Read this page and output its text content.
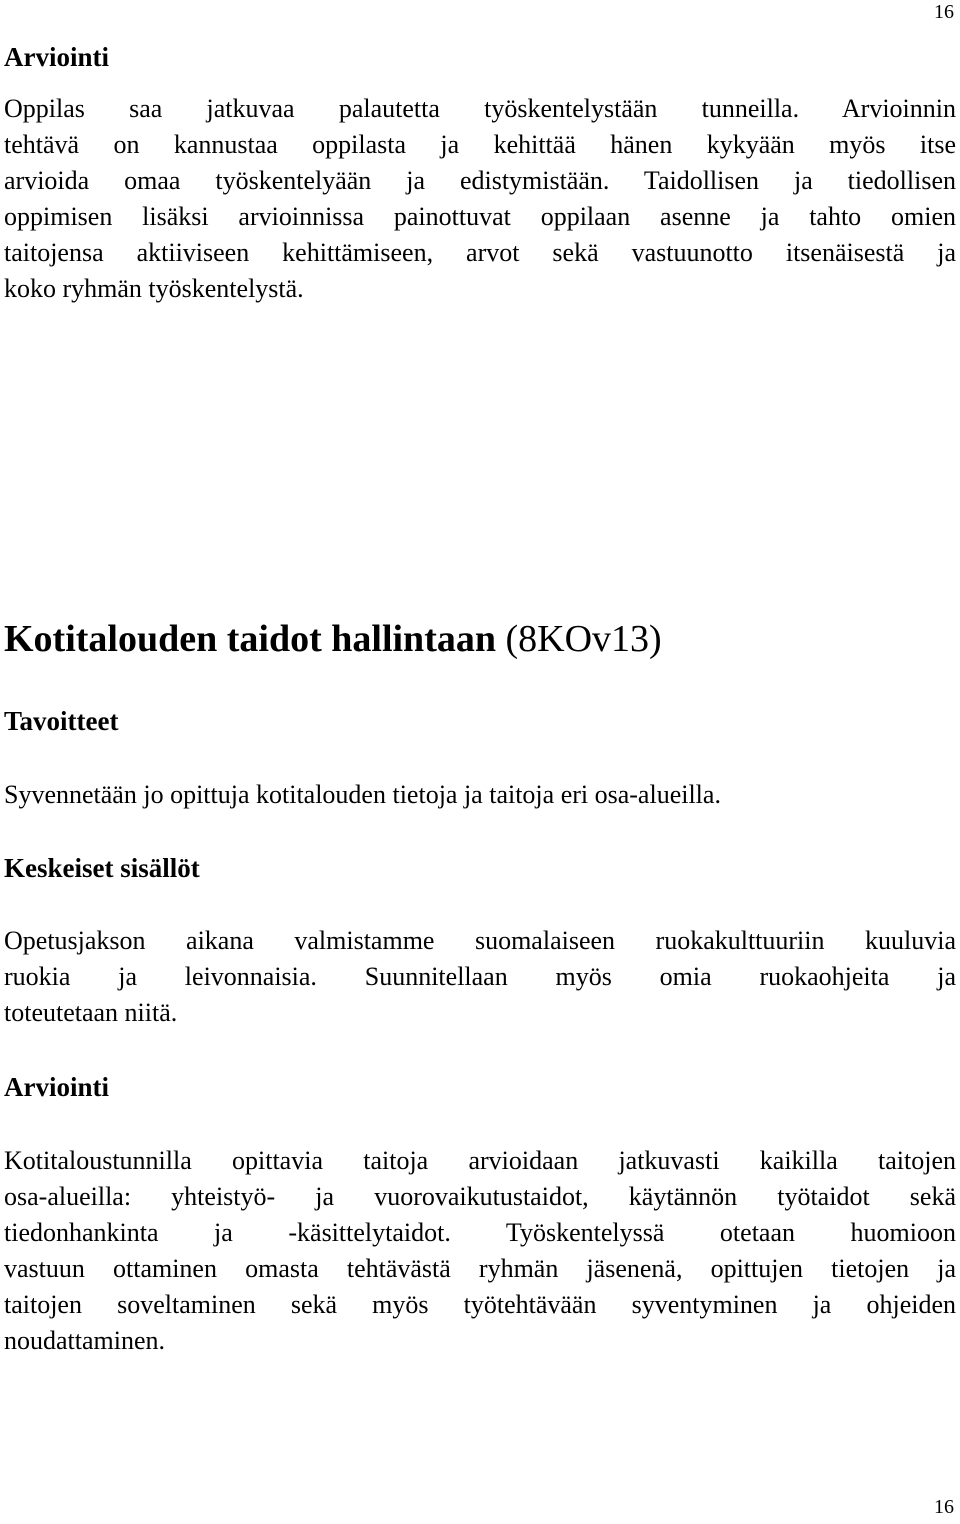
16
Arviointi
Oppilas saa jatkuvaa palautetta työskentelystään tunneilla. Arvioinnin
tehtävä on kannustaa oppilasta ja kehittää hänen kykyään myös itse
arvioida omaa työskentelyään ja edistymistään. Taidollisen ja tiedollisen
oppimisen lisäksi arvioinnissa painottuvat oppilaan asenne ja tahto omien
taitojensa aktiiviseen kehittämiseen, arvot sekä vastuunotto itsenäisestä ja
koko ryhmän työskentelystä.
Kotitalouden taidot hallintaan (8KOv13)
Tavoitteet
Syvennetään jo opittuja kotitalouden tietoja ja taitoja eri osa-alueilla.
Keskeiset sisällöt
Opetusjakson aikana valmistamme suomalaiseen ruokakulttuuriin kuuluvia
ruokia ja leivonnaisia. Suunnitellaan myös omia ruokaohjeita ja
toteutetaan niitä.
Arviointi
Kotitaloustunnilla opittavia taitoja arvioidaan jatkuvasti kaikilla taitojen
osa-alueilla: yhteistyö- ja vuorovaikutustaidot, käytännön työtaidot sekä
tiedonhankinta ja -käsittelytaidot. Työskentelyssä otetaan huomioon
vastuun ottaminen omasta tehtävästä ryhmän jäsenenä, opittujen tietojen ja
taitojen soveltaminen sekä myös työtehtävään syventyminen ja ohjeiden
noudattaminen.
16
